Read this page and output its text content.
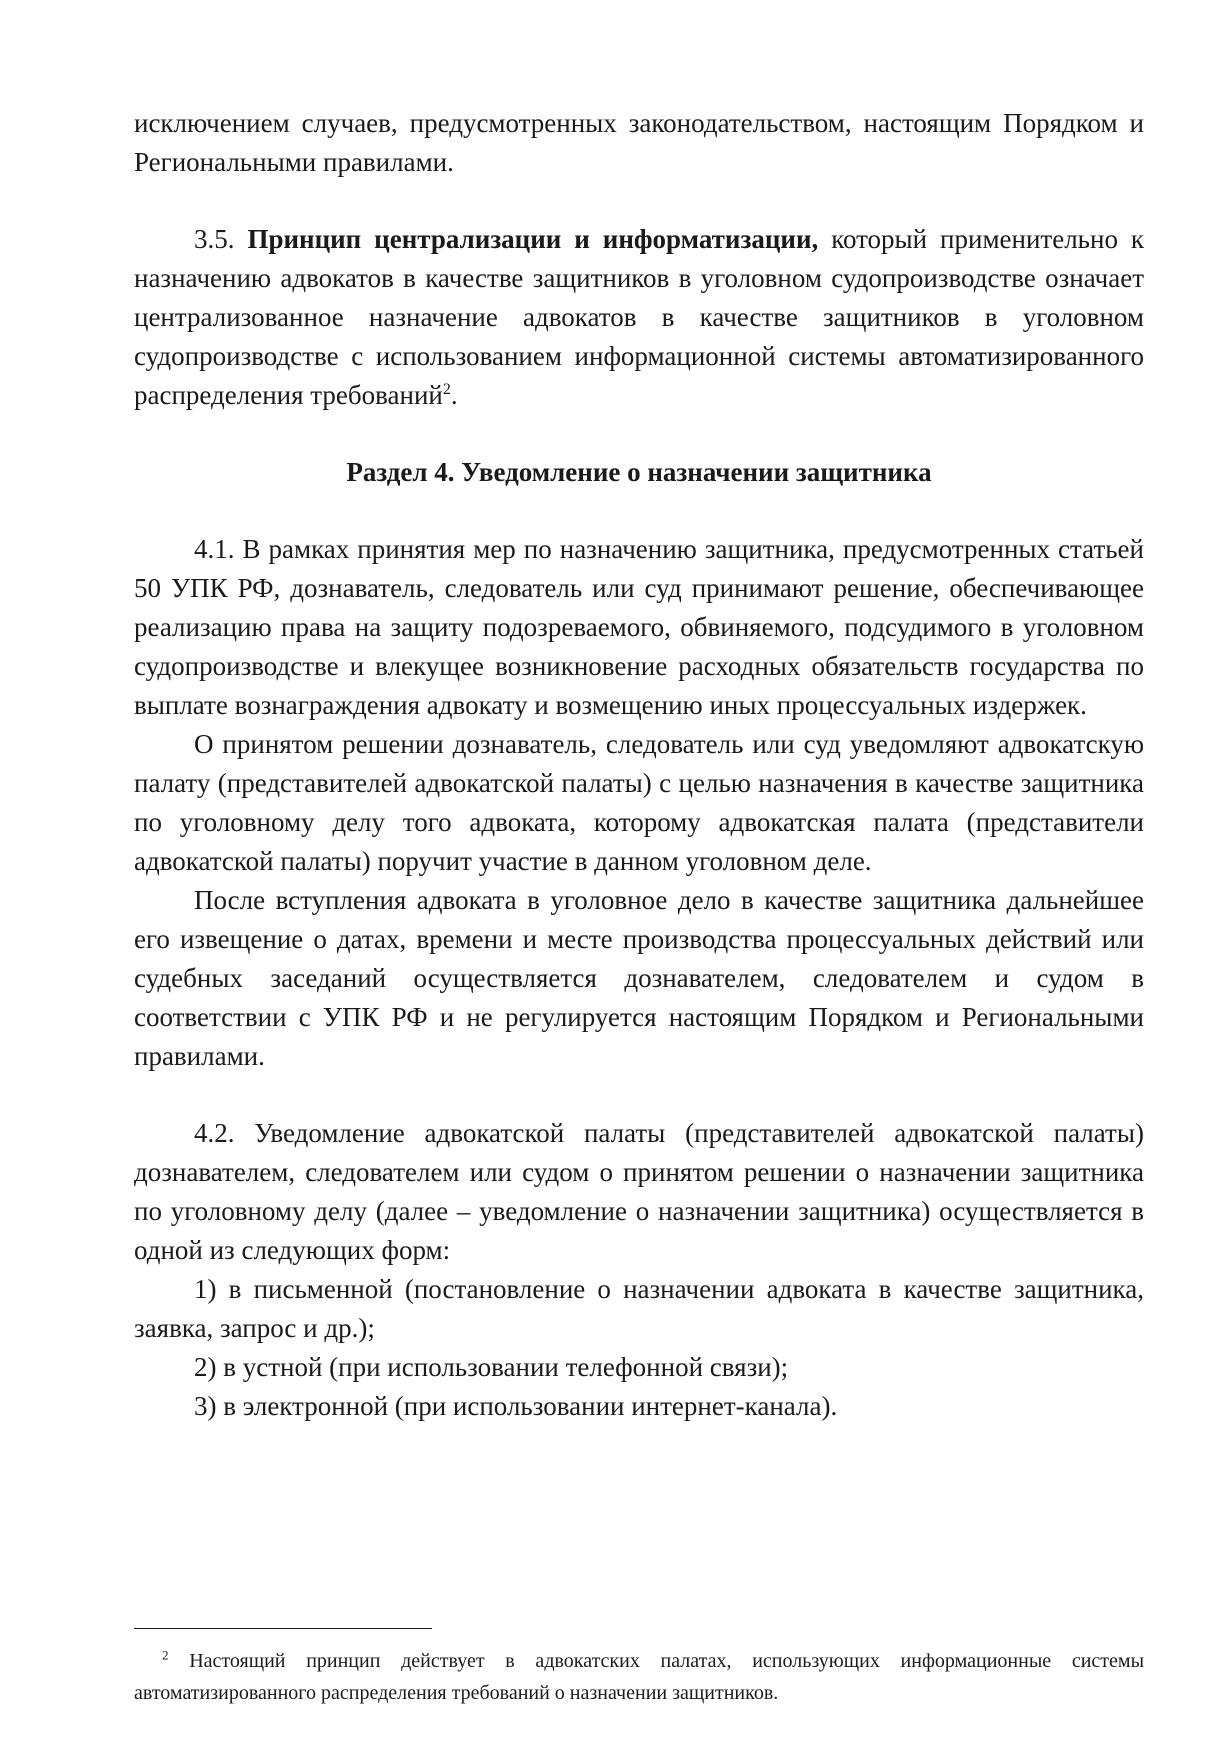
исключением случаев, предусмотренных законодательством, настоящим Порядком и Региональными правилами.

3.5. Принцип централизации и информатизации, который применительно к назначению адвокатов в качестве защитников в уголовном судопроизводстве означает централизованное назначение адвокатов в качестве защитников в уголовном судопроизводстве с использованием информационной системы автоматизированного распределения требований$^2$.

Раздел 4. Уведомление о назначении защитника

4.1. В рамках принятия мер по назначению защитника, предусмотренных статьей 50 УПК РФ, дознаватель, следователь или суд принимают решение, обеспечивающее реализацию права на защиту подозреваемого, обвиняемого, подсудимого в уголовном судопроизводстве и влекущее возникновение расходных обязательств государства по выплате вознаграждения адвокату и возмещению иных процессуальных издержек.

О принятом решении дознаватель, следователь или суд уведомляют адвокатскую палату (представителей адвокатской палаты) с целью назначения в качестве защитника по уголовному делу того адвоката, которому адвокатская палата (представители адвокатской палаты) поручит участие в данном уголовном деле.

После вступления адвоката в уголовное дело в качестве защитника дальнейшее его извещение о датах, времени и месте производства процессуальных действий или судебных заседаний осуществляется дознавателем, следователем и судом в соответствии с УПК РФ и не регулируется настоящим Порядком и Региональными правилами.

4.2. Уведомление адвокатской палаты (представителей адвокатской палаты) дознавателем, следователем или судом о принятом решении о назначении защитника по уголовному делу (далее – уведомление о назначении защитника) осуществляется в одной из следующих форм:

1) в письменной (постановление о назначении адвоката в качестве защитника, заявка, запрос и др.);

2) в устной (при использовании телефонной связи);

3) в электронной (при использовании интернет-канала).

$^2$ Настоящий принцип действует в адвокатских палатах, использующих информационные системы автоматизированного распределения требований о назначении защитников.
